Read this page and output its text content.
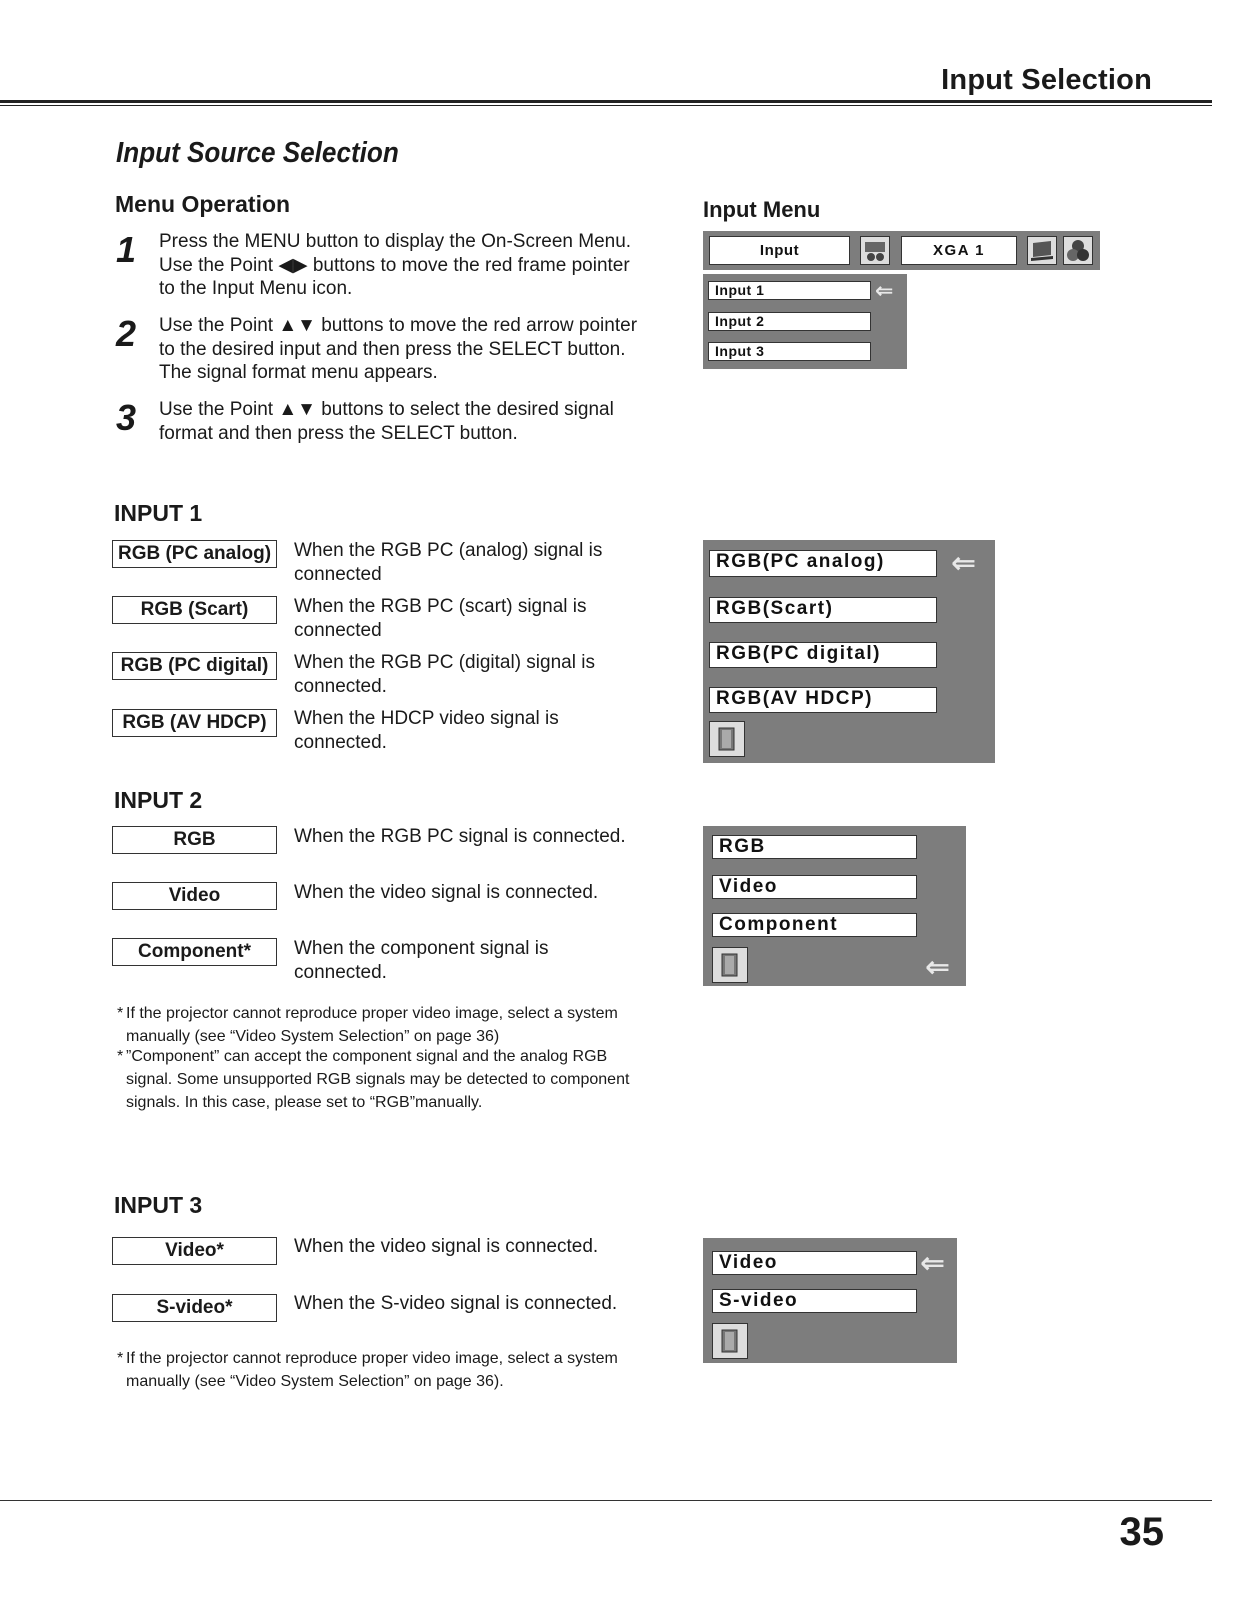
Input Selection
Input Source Selection
Menu Operation
1 Press the MENU button to display the On-Screen Menu. Use the Point ◀▶ buttons to move the red frame pointer to the Input Menu icon.
2 Use the Point ▲▼ buttons to move the red arrow pointer to the desired input and then press the SELECT button. The signal format menu appears.
3 Use the Point ▲▼ buttons to select the desired signal format and then press the SELECT button.
Input Menu
Input	XGA 1
Input 1	⇐
Input 2
Input 3
INPUT 1
RGB (PC analog)	When the RGB PC (analog) signal is connected
RGB (Scart)	When the RGB PC (scart) signal is connected
RGB (PC digital)	When the RGB PC (digital) signal is connected.
RGB (AV HDCP)	When the HDCP video signal is connected.
RGB(PC analog)	⇐
RGB(Scart)
RGB(PC digital)
RGB(AV HDCP)
INPUT 2
RGB	When the RGB PC signal is connected.
Video	When the video signal is connected.
Component*	When the component signal is connected.
* If the projector cannot reproduce proper video image, select a system manually (see “Video System Selection” on page 36)
* ”Component” can accept the component signal and the analog RGB signal. Some unsupported RGB signals may be detected to component signals. In this case, please set to “RGB”manually.
RGB
Video
Component
⇐
INPUT 3
Video*	When the video signal is connected.
S-video*	When the S-video signal is connected.
* If the projector cannot reproduce proper video image, select a system manually (see “Video System Selection” on page 36).
Video	⇐
S-video
35
